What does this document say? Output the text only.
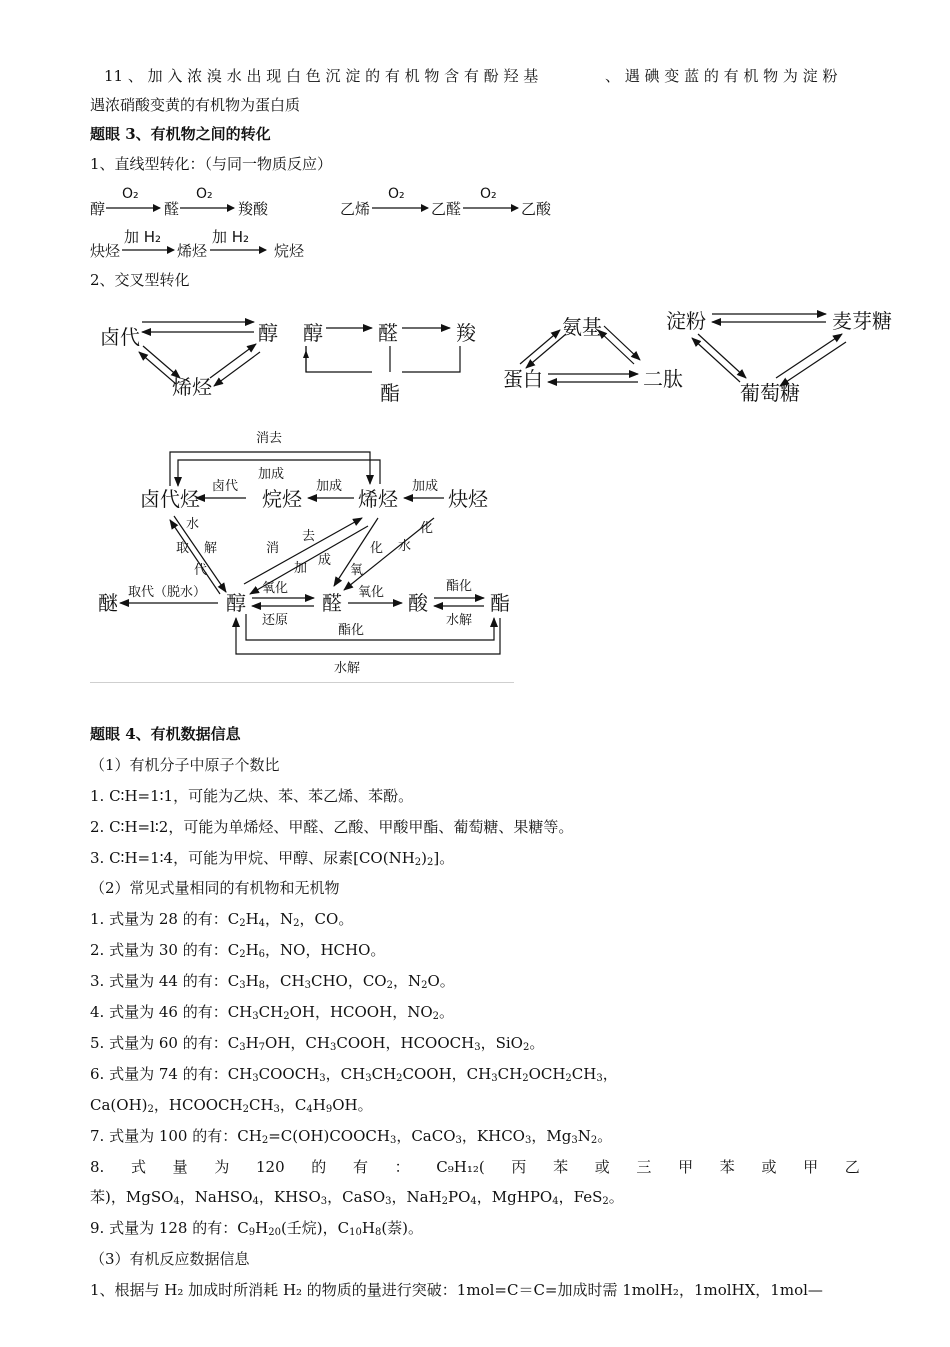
11 、 加 入 浓 溴 水 出 现 白 色 沉 淀 的 有 机 物 含 有 酚 羟 基	、 遇 碘 变 蓝 的 有 机 物 为 淀 粉
遇浓硝酸变黄的有机物为蛋白质
题眼 3、有机物之间的转化
1、直线型转化：（与同一物质反应）
醇
O₂
醛
O₂
羧酸	乙烯
O₂
乙醛
O₂
乙酸
炔烃
加 H₂
烯烃
加 H₂
烷烃
卤代	醇
烯烃
醇	醛	羧
酯
氨基
蛋白	二肽
淀粉	麦芽糖
葡萄糖
卤代烃	烷烃	烯烃	炔烃
醚	醇	醛	酸	酯
消去
加成
卤代	加成	加成
水
取 解
代
消
去
加
成
化
氧
化
水
取代（脱水）	氧化
还原
氧化	酯化
水解
酯化
水解
2、交叉型转化
题眼 4、有机数据信息
（1）有机分子中原子个数比
1. C∶H=1∶1，可能为乙炔、苯、苯乙烯、苯酚。
2. C∶H=l∶2，可能为单烯烃、甲醛、乙酸、甲酸甲酯、葡萄糖、果糖等。
3. C∶H=1∶4，可能为甲烷、甲醇、尿素$[CO(NH_2)_2]$。
（2）常见式量相同的有机物和无机物
1. 式量为 28 的有：$C_2H_4$，$N_2$，CO。
2. 式量为 30 的有：$C_2H_6$，NO，HCHO。
3. 式量为 44 的有：$C_3H_8$，$CH_3CHO$，$CO_2$，$N_2O$。
4. 式量为 46 的有：$CH_3CH_2OH$，HCOOH，$NO_2$。
5. 式量为 60 的有：$C_3H_7OH$，$CH_3COOH$，$HCOOCH_3$，SiO$_2$。
6. 式量为 74 的有：$CH_3COOCH_3$，$CH_3CH_2COOH$，$CH_3CH_2OCH_2CH_3$，
$Ca(OH)_2$，$HCOOCH_2CH_3$，$C_4H_9OH$。
7. 式量为 100 的有：$CH_2=C(OH)COOCH_3$，CaCO$_3$，$KHCO_3$，$Mg_3N_2$。
8. 式 量 为 120 的 有 ： C₉H₁₂( 丙 苯 或 三 甲 苯 或 甲 乙
苯)，MgSO$_4$，NaHSO$_4$，$KHSO_3$，CaSO$_3$，$NaH_2PO_4$，MgHPO$_4$，FeS$_2$。
9. 式量为 128 的有：$C_9H_{20}$(壬烷)，$C_{10}H_8$(萘)。
（3）有机反应数据信息
1、根据与 H₂ 加成时所消耗 H₂ 的物质的量进行突破：1mol=C＝C=加成时需 1molH₂，1molHX，1mol—
